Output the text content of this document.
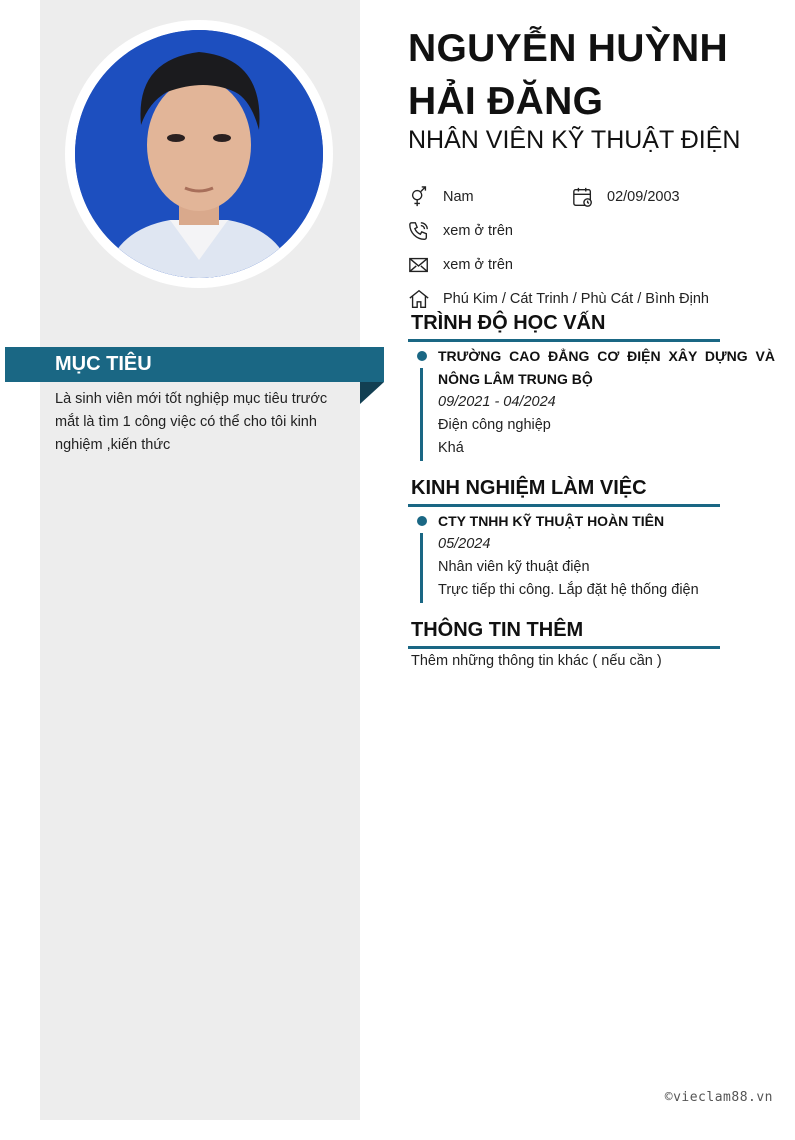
MỤC TIÊU
Là sinh viên mới tốt nghiệp mục tiêu trước mắt là tìm 1 công việc có thể cho tôi kinh nghiệm ,kiến thức
NGUYỄN HUỲNH HẢI ĐĂNG
NHÂN VIÊN KỸ THUẬT ĐIỆN
Nam	02/09/2003
xem ở trên
xem ở trên
Phú Kim / Cát Trinh / Phù Cát / Bình Định
TRÌNH ĐỘ HỌC VẤN
TRƯỜNG CAO ĐẲNG CƠ ĐIỆN XÂY DỰNG VÀ NÔNG LÂM TRUNG BỘ
09/2021 - 04/2024
Điện công nghiệp
Khá
KINH NGHIỆM LÀM VIỆC
CTY TNHH KỸ THUẬT HOÀN TIÊN
05/2024
Nhân viên kỹ thuật điện
Trực tiếp thi công. Lắp đặt hệ thống điện
THÔNG TIN THÊM
Thêm những thông tin khác ( nếu cần )
©vieclam88.vn
